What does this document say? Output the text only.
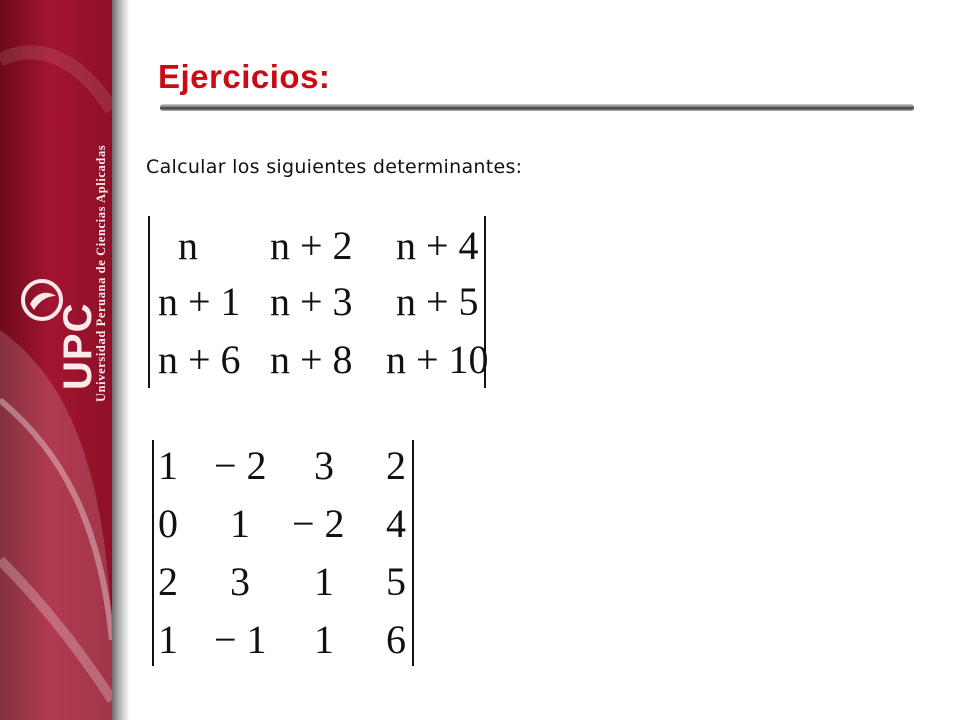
UPC
Universidad Peruana de Ciencias Aplicadas
Ejercicios:
Calcular los siguientes determinantes:
n n + 2 n + 4
n + 1 n + 3 n + 5
n + 6 n + 8 n + 10
1 − 2 3 2
0 1 − 2 4
2 3 1 5
1 − 1 1 6
